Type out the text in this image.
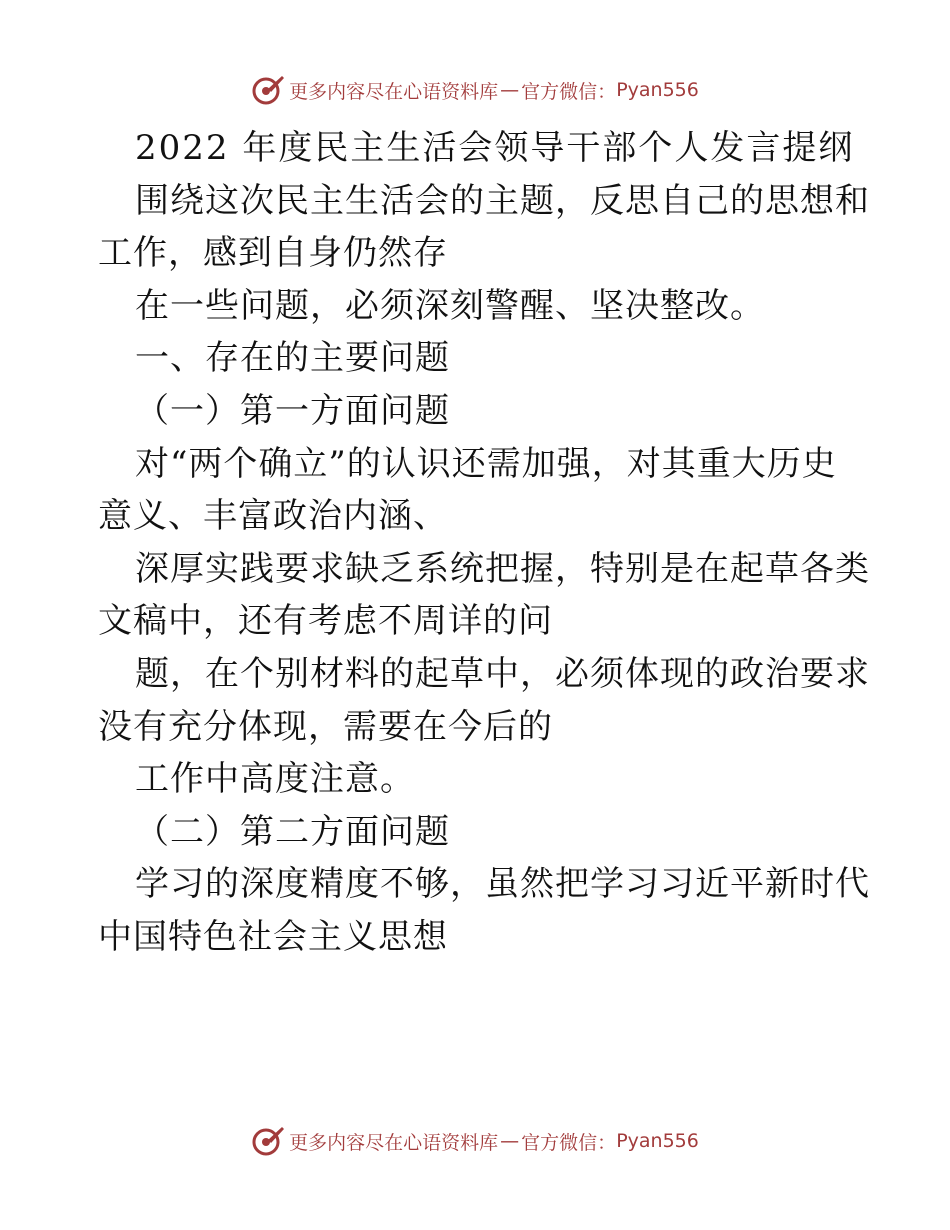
更多内容尽在心语资料库 — 官方微信： Pyan556
2022 年度民主生活会领导干部个人发言提纲
围绕这次民主生活会的主题，反思自己的思想和
工作，感到自身仍然存
在一些问题，必须深刻警醒、坚决整改。
一、存在的主要问题
（一）第一方面问题
对“两个确立”的认识还需加强，对其重大历史
意义、丰富政治内涵、
深厚实践要求缺乏系统把握，特别是在起草各类
文稿中，还有考虑不周详的问
题，在个别材料的起草中，必须体现的政治要求
没有充分体现，需要在今后的
工作中高度注意。
（二）第二方面问题
学习的深度精度不够，虽然把学习习近平新时代
中国特色社会主义思想
更多内容尽在心语资料库 — 官方微信： Pyan556
